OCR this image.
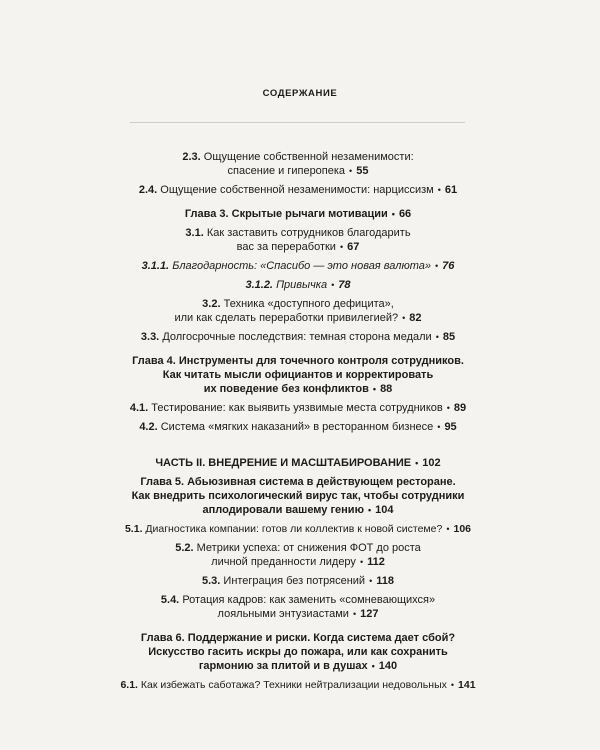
СОДЕРЖАНИЕ
2.3. Ощущение собственной незаменимости:
спасение и гиперопека • 55
2.4. Ощущение собственной незаменимости: нарциссизм • 61
Глава 3. Скрытые рычаги мотивации • 66
3.1. Как заставить сотрудников благодарить
вас за переработки • 67
3.1.1. Благодарность: «Спасибо — это новая валюта» • 76
3.1.2. Привычка • 78
3.2. Техника «доступного дефицита»,
или как сделать переработки привилегией? • 82
3.3. Долгосрочные последствия: темная сторона медали • 85
Глава 4. Инструменты для точечного контроля сотрудников.
Как читать мысли официантов и корректировать
их поведение без конфликтов • 88
4.1. Тестирование: как выявить уязвимые места сотрудников • 89
4.2. Система «мягких наказаний» в ресторанном бизнесе • 95
ЧАСТЬ II. ВНЕДРЕНИЕ И МАСШТАБИРОВАНИЕ • 102
Глава 5. Абьюзивная система в действующем ресторане.
Как внедрить психологический вирус так, чтобы сотрудники
аплодировали вашему гению • 104
5.1. Диагностика компании: готов ли коллектив к новой системе? • 106
5.2. Метрики успеха: от снижения ФОТ до роста
личной преданности лидеру • 112
5.3. Интеграция без потрясений • 118
5.4. Ротация кадров: как заменить «сомневающихся»
лояльными энтузиастами • 127
Глава 6. Поддержание и риски. Когда система дает сбой?
Искусство гасить искры до пожара, или как сохранить
гармонию за плитой и в душах • 140
6.1. Как избежать саботажа? Техники нейтрализации недовольных • 141
